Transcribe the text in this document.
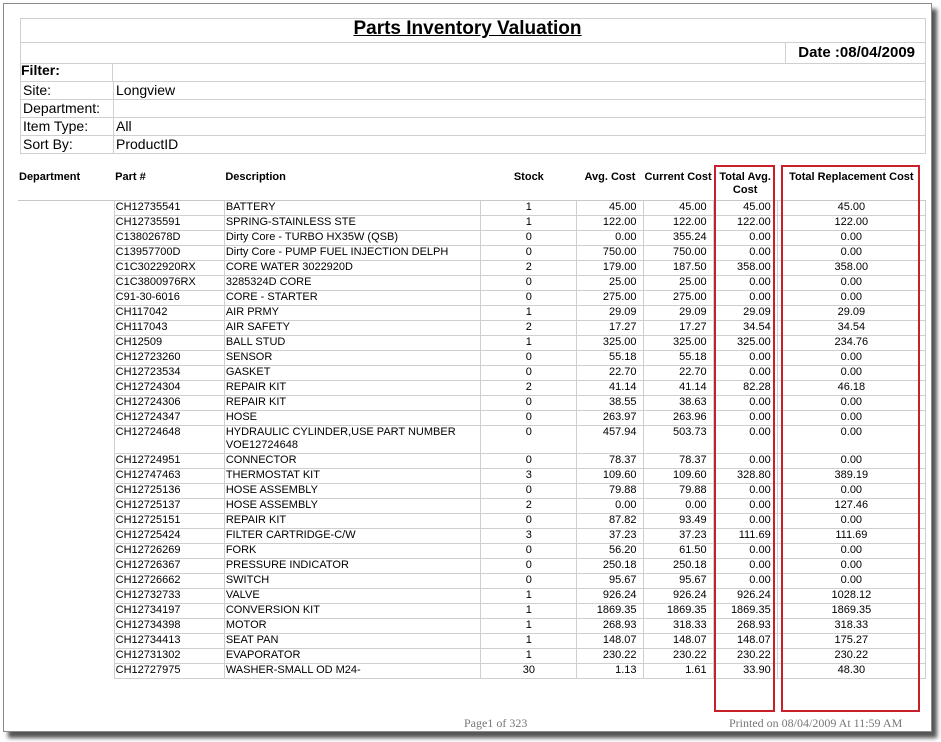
Parts Inventory Valuation
Date :08/04/2009
Filter:
Site:	Longview
Department:	
Item Type:	All
Sort By:	ProductID
Department	Part #	Description	Stock	Avg. Cost	Current Cost	Total Avg. Cost	Total Replacement Cost
	CH12735541	BATTERY	1	45.00	45.00	45.00	45.00
	CH12735591	SPRING-STAINLESS STE	1	122.00	122.00	122.00	122.00
	C13802678D	Dirty Core - TURBO HX35W (QSB)	0	0.00	355.24	0.00	0.00
	C13957700D	Dirty Core - PUMP FUEL INJECTION DELPH	0	750.00	750.00	0.00	0.00
	C1C3022920RX	CORE WATER 3022920D	2	179.00	187.50	358.00	358.00
	C1C3800976RX	3285324D CORE	0	25.00	25.00	0.00	0.00
	C91-30-6016	CORE - STARTER	0	275.00	275.00	0.00	0.00
	CH117042	AIR PRMY	1	29.09	29.09	29.09	29.09
	CH117043	AIR SAFETY	2	17.27	17.27	34.54	34.54
	CH12509	BALL STUD	1	325.00	325.00	325.00	234.76
	CH12723260	SENSOR	0	55.18	55.18	0.00	0.00
	CH12723534	GASKET	0	22.70	22.70	0.00	0.00
	CH12724304	REPAIR KIT	2	41.14	41.14	82.28	46.18
	CH12724306	REPAIR KIT	0	38.55	38.63	0.00	0.00
	CH12724347	HOSE	0	263.97	263.96	0.00	0.00
	CH12724648	HYDRAULIC CYLINDER,USE PART NUMBER VOE12724648	0	457.94	503.73	0.00	0.00
	CH12724951	CONNECTOR	0	78.37	78.37	0.00	0.00
	CH12747463	THERMOSTAT KIT	3	109.60	109.60	328.80	389.19
	CH12725136	HOSE ASSEMBLY	0	79.88	79.88	0.00	0.00
	CH12725137	HOSE ASSEMBLY	2	0.00	0.00	0.00	127.46
	CH12725151	REPAIR KIT	0	87.82	93.49	0.00	0.00
	CH12725424	FILTER CARTRIDGE-C/W	3	37.23	37.23	111.69	111.69
	CH12726269	FORK	0	56.20	61.50	0.00	0.00
	CH12726367	PRESSURE INDICATOR	0	250.18	250.18	0.00	0.00
	CH12726662	SWITCH	0	95.67	95.67	0.00	0.00
	CH12732733	VALVE	1	926.24	926.24	926.24	1028.12
	CH12734197	CONVERSION KIT	1	1869.35	1869.35	1869.35	1869.35
	CH12734398	MOTOR	1	268.93	318.33	268.93	318.33
	CH12734413	SEAT PAN	1	148.07	148.07	148.07	175.27
	CH12731302	EVAPORATOR	1	230.22	230.22	230.22	230.22
	CH12727975	WASHER-SMALL OD M24-	30	1.13	1.61	33.90	48.30
Page1 of 323	Printed on 08/04/2009 At 11:59 AM
